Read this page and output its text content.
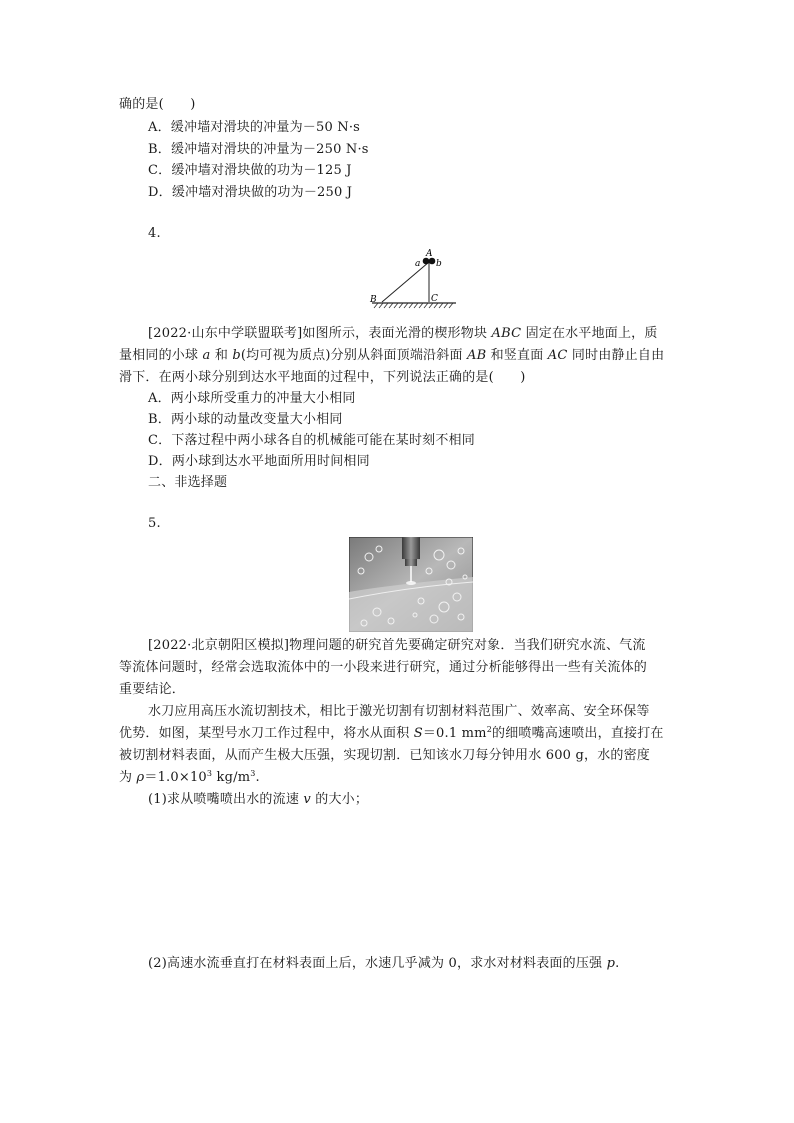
确的是(　　)
A．缓冲墙对滑块的冲量为－50 N·s
B．缓冲墙对滑块的冲量为－250 N·s
C．缓冲墙对滑块做的功为－125 J
D．缓冲墙对滑块做的功为－250 J
4.
A
a b
B	C
[2022·山东中学联盟联考]如图所示，表面光滑的楔形物块 ABC 固定在水平地面上，质
量相同的小球 a 和 b(均可视为质点)分别从斜面顶端沿斜面 AB 和竖直面 AC 同时由静止自由
滑下．在两小球分别到达水平地面的过程中，下列说法正确的是(　　)
A．两小球所受重力的冲量大小相同
B．两小球的动量改变量大小相同
C．下落过程中两小球各自的机械能可能在某时刻不相同
D．两小球到达水平地面所用时间相同
二、非选择题
5.
[2022·北京朝阳区模拟]物理问题的研究首先要确定研究对象．当我们研究水流、气流
等流体问题时，经常会选取流体中的一小段来进行研究，通过分析能够得出一些有关流体的
重要结论．
水刀应用高压水流切割技术，相比于激光切割有切割材料范围广、效率高、安全环保等
优势．如图，某型号水刀工作过程中，将水从面积 S＝0.1 $mm^2$的细喷嘴高速喷出，直接打在
被切割材料表面，从而产生极大压强，实现切割．已知该水刀每分钟用水 600 g，水的密度
为 $\rho=1.0\times 10^3$ $kg/m^3$.
(1)求从喷嘴喷出水的流速 v 的大小；
(2)高速水流垂直打在材料表面上后，水速几乎减为 0，求水对材料表面的压强 p.
